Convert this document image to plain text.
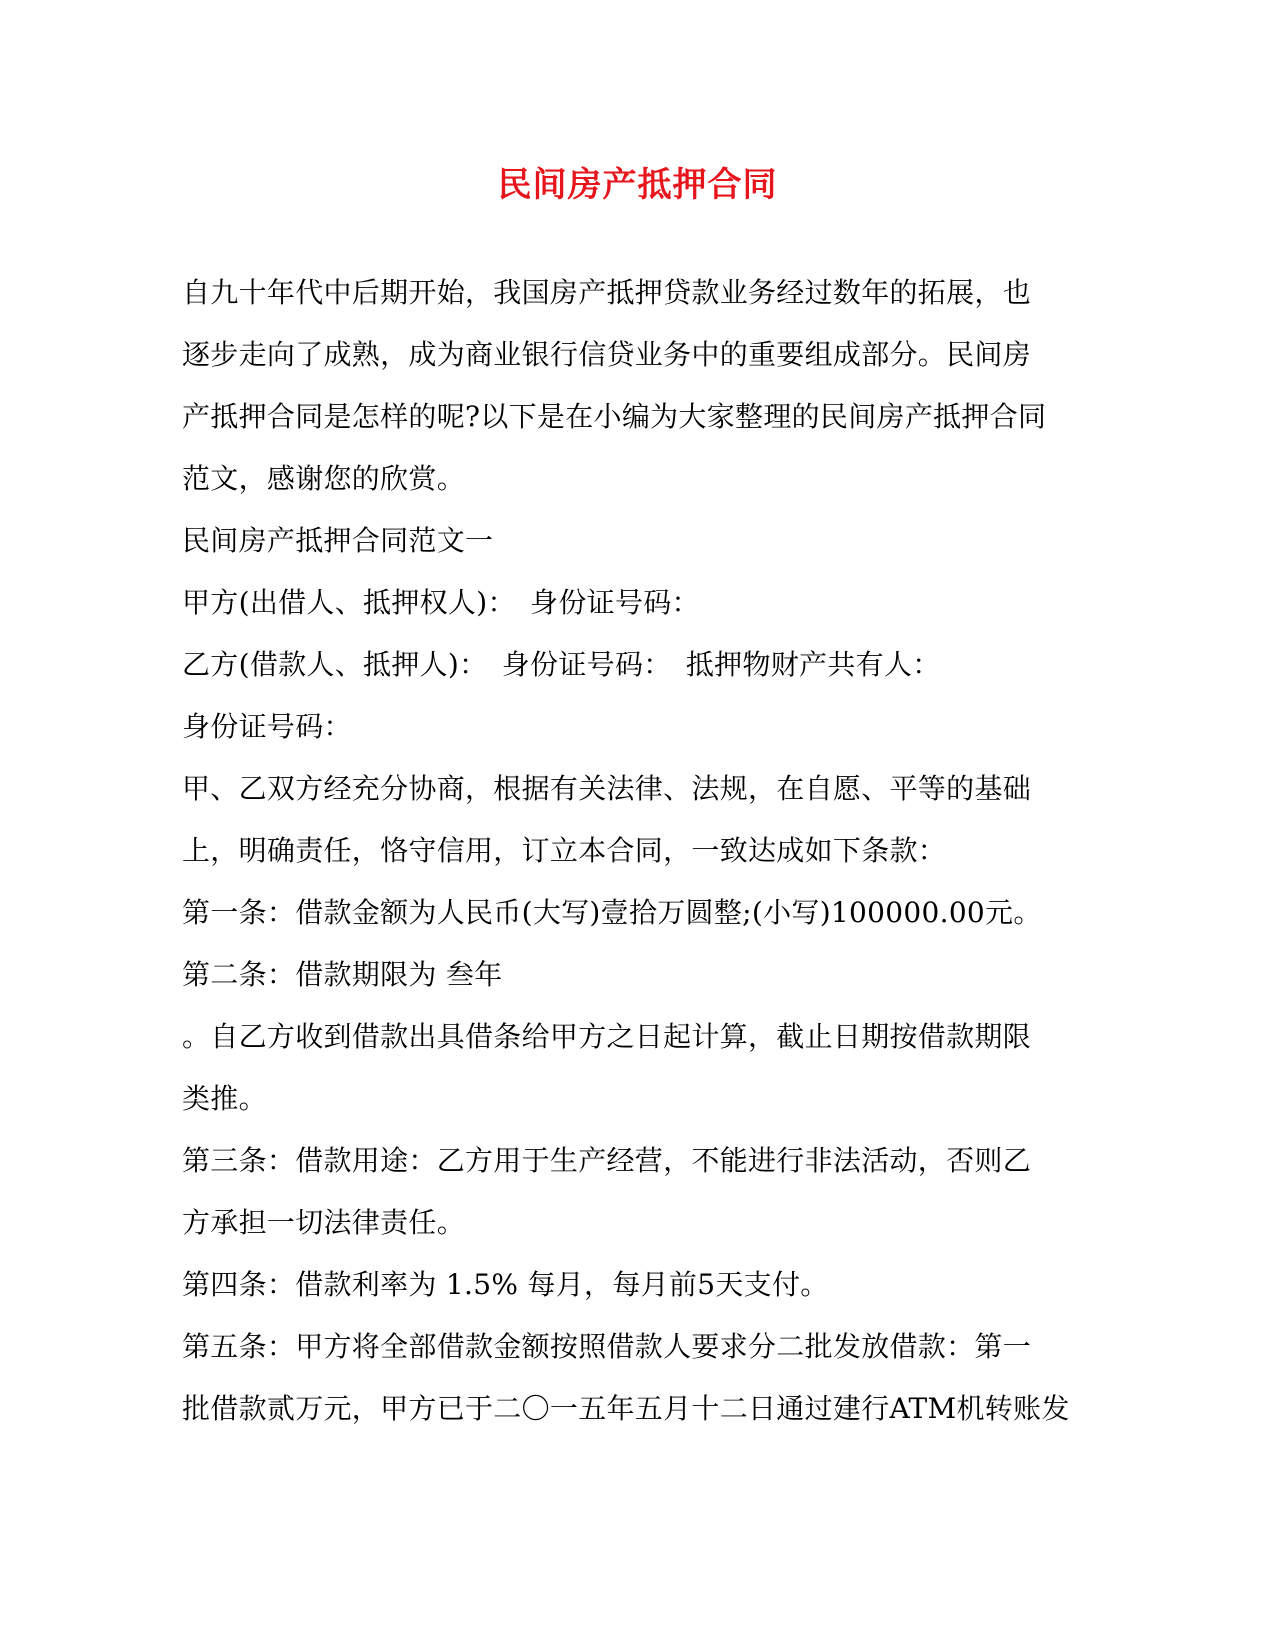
民间房产抵押合同
自九十年代中后期开始，我国房产抵押贷款业务经过数年的拓展，也
逐步走向了成熟，成为商业银行信贷业务中的重要组成部分。民间房
产抵押合同是怎样的呢?以下是在小编为大家整理的民间房产抵押合同
范文，感谢您的欣赏。
民间房产抵押合同范文一
甲方(出借人、抵押权人)：　身份证号码：
乙方(借款人、抵押人)：　身份证号码：　抵押物财产共有人：
身份证号码：
甲、乙双方经充分协商，根据有关法律、法规，在自愿、平等的基础
上，明确责任，恪守信用，订立本合同，一致达成如下条款：
第一条：借款金额为人民币(大写)壹拾万圆整;(小写)100000.00元。
第二条：借款期限为 叁年
。自乙方收到借款出具借条给甲方之日起计算，截止日期按借款期限
类推。
第三条：借款用途：乙方用于生产经营，不能进行非法活动，否则乙
方承担一切法律责任。
第四条：借款利率为 1.5% 每月，每月前5天支付。
第五条：甲方将全部借款金额按照借款人要求分二批发放借款：第一
批借款贰万元，甲方已于二〇一五年五月十二日通过建行ATM机转账发
